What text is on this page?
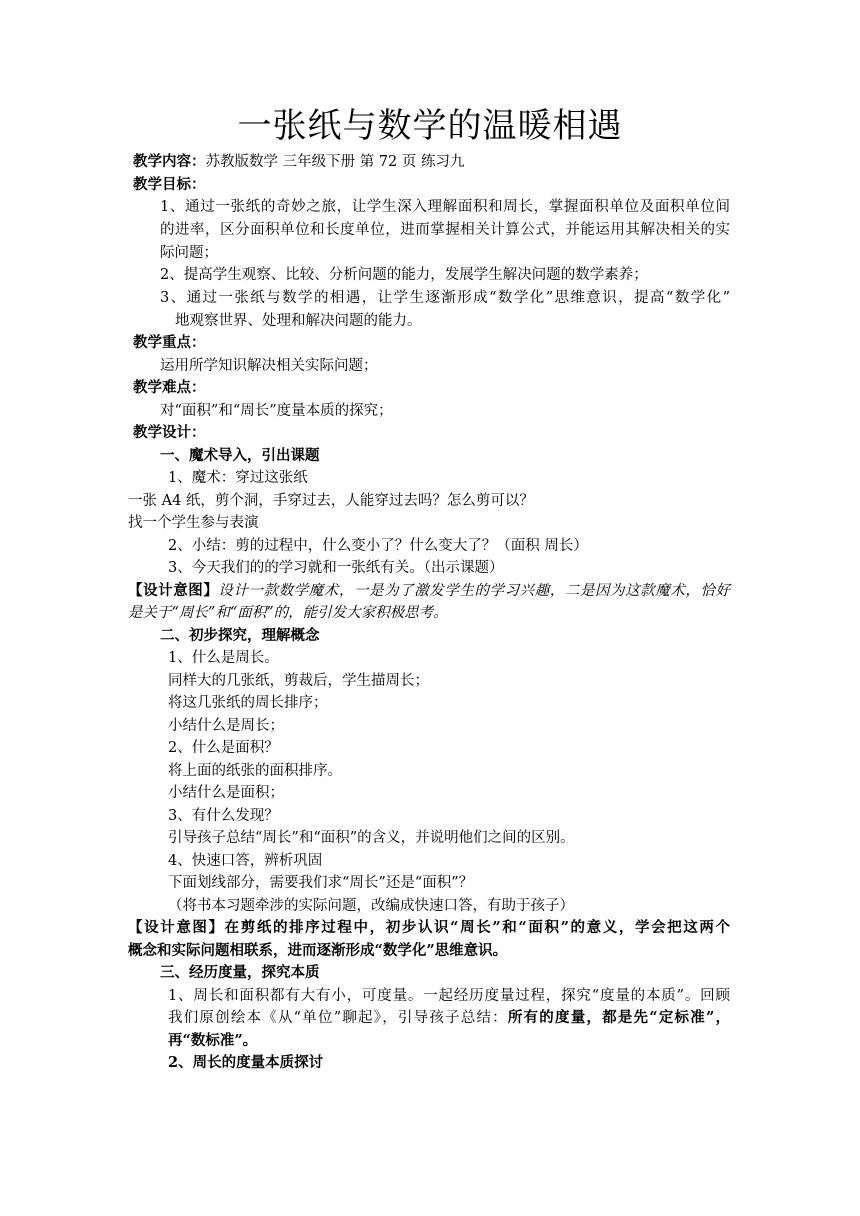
一张纸与数学的温暖相遇
教学内容：苏教版数学 三年级下册 第 72 页 练习九
教学目标：
1、通过一张纸的奇妙之旅，让学生深入理解面积和周长，掌握面积单位及面积单位间
的进率，区分面积单位和长度单位，进而掌握相关计算公式，并能运用其解决相关的实
际问题；
2、提高学生观察、比较、分析问题的能力，发展学生解决问题的数学素养；
3、通过一张纸与数学的相遇，让学生逐渐形成“数学化”思维意识，提高“数学化”
地观察世界、处理和解决问题的能力。
教学重点：
运用所学知识解决相关实际问题；
教学难点：
对“面积”和“周长”度量本质的探究；
教学设计：
一、魔术导入，引出课题
1、魔术：穿过这张纸
一张 A4 纸，剪个洞，手穿过去，人能穿过去吗？怎么剪可以？
找一个学生参与表演
2、小结：剪的过程中，什么变小了？什么变大了？（面积 周长）
3、今天我们的的学习就和一张纸有关。（出示课题）
【设计意图】设计一款数学魔术，一是为了激发学生的学习兴趣，二是因为这款魔术，恰好
是关于“周长”和“面积”的，能引发大家积极思考。
二、初步探究，理解概念
1、什么是周长。
同样大的几张纸，剪裁后，学生描周长；
将这几张纸的周长排序；
小结什么是周长；
2、什么是面积？
将上面的纸张的面积排序。
小结什么是面积；
3、有什么发现？
引导孩子总结“周长”和“面积”的含义，并说明他们之间的区别。
4、快速口答，辨析巩固
下面划线部分，需要我们求“周长”还是“面积”？
（将书本习题牵涉的实际问题，改编成快速口答，有助于孩子）
【设计意图】在剪纸的排序过程中，初步认识“周长”和“面积”的意义，学会把这两个
概念和实际问题相联系，进而逐渐形成“数学化”思维意识。
三、经历度量，探究本质
1、周长和面积都有大有小，可度量。一起经历度量过程，探究“度量的本质”。回顾
我们原创绘本《从“单位”聊起》，引导孩子总结：所有的度量，都是先“定标准”，
再“数标准”。
2、周长的度量本质探讨
